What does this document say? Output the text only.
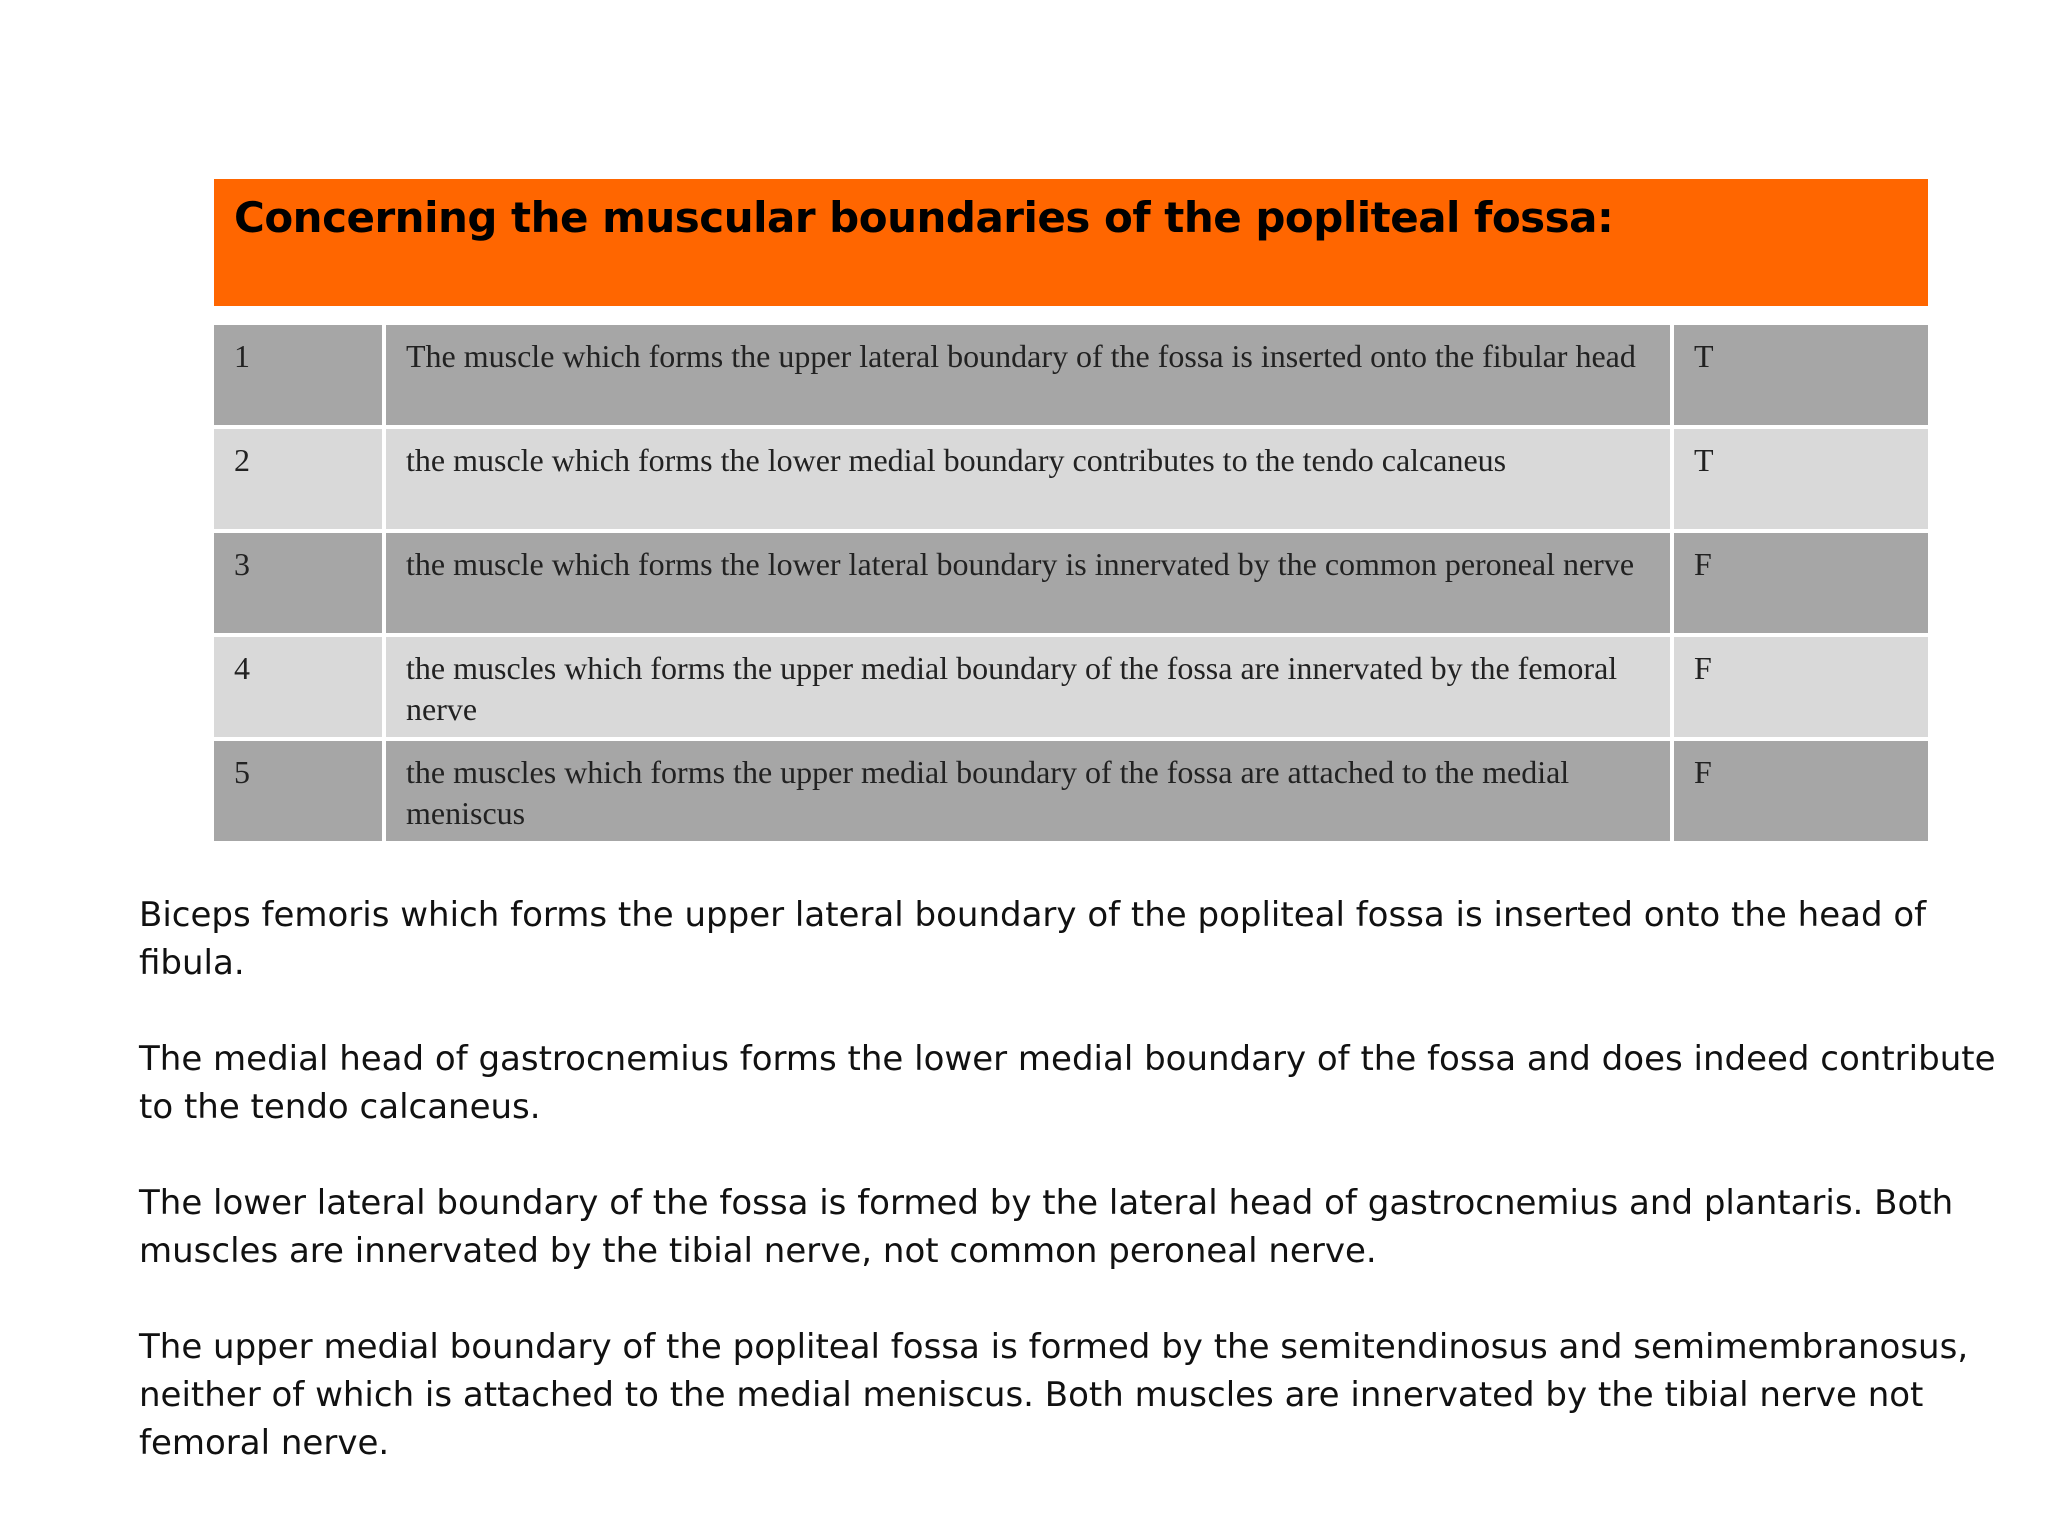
Concerning the muscular boundaries of the popliteal fossa:
1	The muscle which forms the upper lateral boundary of the fossa is inserted onto the fibular head	T
2	the muscle which forms the lower medial boundary contributes to the tendo calcaneus	T
3	the muscle which forms the lower lateral boundary is innervated by the common peroneal nerve	F
4	the muscles which forms the upper medial boundary of the fossa are innervated by the femoral nerve	F
5	the muscles which forms the upper medial boundary of the fossa are attached to the medial meniscus	F

Biceps femoris which forms the upper lateral boundary of the popliteal fossa is inserted onto the head of fibula.

The medial head of gastrocnemius forms the lower medial boundary of the fossa and does indeed contribute to the tendo calcaneus.

The lower lateral boundary of the fossa is formed by the lateral head of gastrocnemius and plantaris. Both muscles are innervated by the tibial nerve, not common peroneal nerve.

The upper medial boundary of the popliteal fossa is formed by the semitendinosus and semimembranosus, neither of which is attached to the medial meniscus. Both muscles are innervated by the tibial nerve not femoral nerve.
